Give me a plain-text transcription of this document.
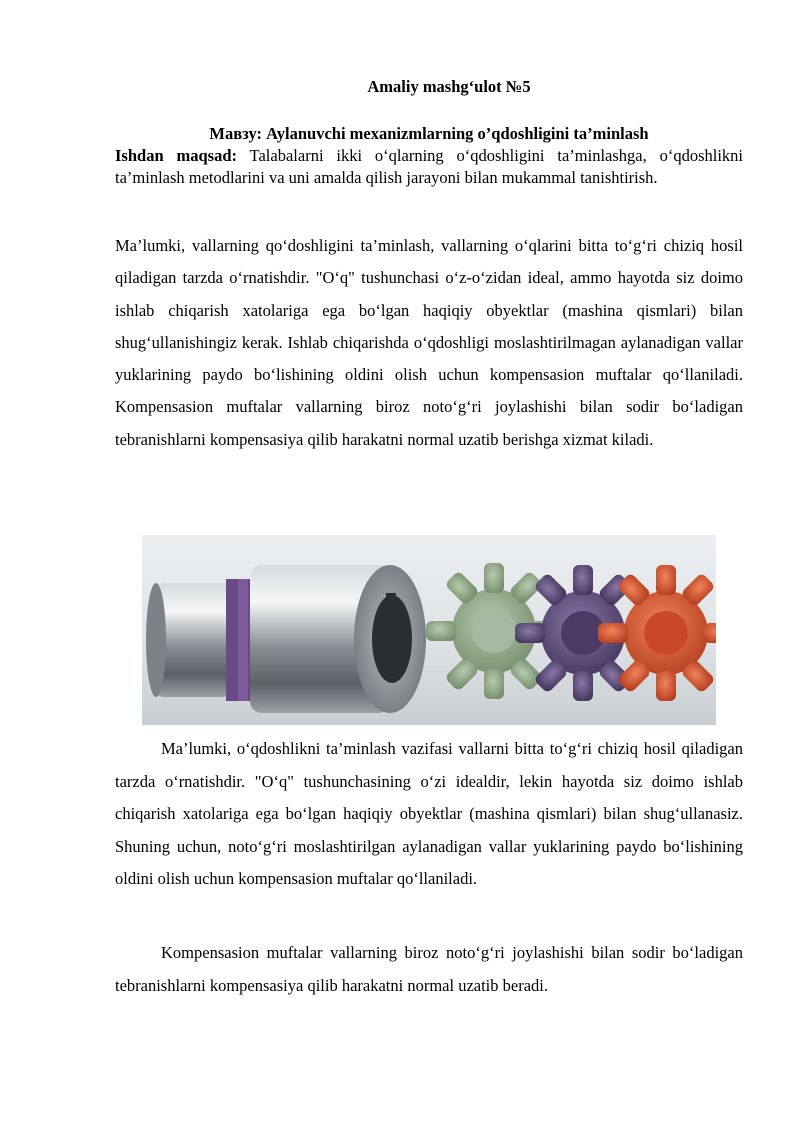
Amaliy mashg‘ulot №5
Мавзу: Aylanuvchi mexanizmlarning o’qdoshligini ta’minlash
Ishdan maqsad: Talabalarni ikki o‘qlarning o‘qdoshligini ta’minlashga, o‘qdoshlikni ta’minlash metodlarini va uni amalda qilish jarayoni bilan mukammal tanishtirish.
Ma’lumki, vallarning qo‘doshligini ta’minlash, vallarning o‘qlarini bitta to‘g‘ri chiziq hosil qiladigan tarzda o‘rnatishdir. "O‘q" tushunchasi o‘z-o‘zidan ideal, ammo hayotda siz doimo ishlab chiqarish xatolariga ega bo‘lgan haqiqiy obyektlar (mashina qismlari) bilan shug‘ullanishingiz kerak. Ishlab chiqarishda o‘qdoshligi moslashtirilmagan aylanadigan vallar yuklarining paydo bo‘lishining oldini olish uchun kompensasion muftalar qo‘llaniladi. Kompensasion muftalar vallarning biroz noto‘g‘ri joylashishi bilan sodir bo‘ladigan tebranishlarni kompensasiya qilib harakatni normal uzatib berishga xizmat kiladi.
Ma’lumki, o‘qdoshlikni ta’minlash vazifasi vallarni bitta to‘g‘ri chiziq hosil qiladigan tarzda o‘rnatishdir. "O‘q" tushunchasining o‘zi idealdir, lekin hayotda siz doimo ishlab chiqarish xatolariga ega bo‘lgan haqiqiy obyektlar (mashina qismlari) bilan shug‘ullanasiz. Shuning uchun, noto‘g‘ri moslashtirilgan aylanadigan vallar yuklarining paydo bo‘lishining oldini olish uchun kompensasion muftalar qo‘llaniladi.
Kompensasion muftalar vallarning biroz noto‘g‘ri joylashishi bilan sodir bo‘ladigan tebranishlarni kompensasiya qilib harakatni normal uzatib beradi.
